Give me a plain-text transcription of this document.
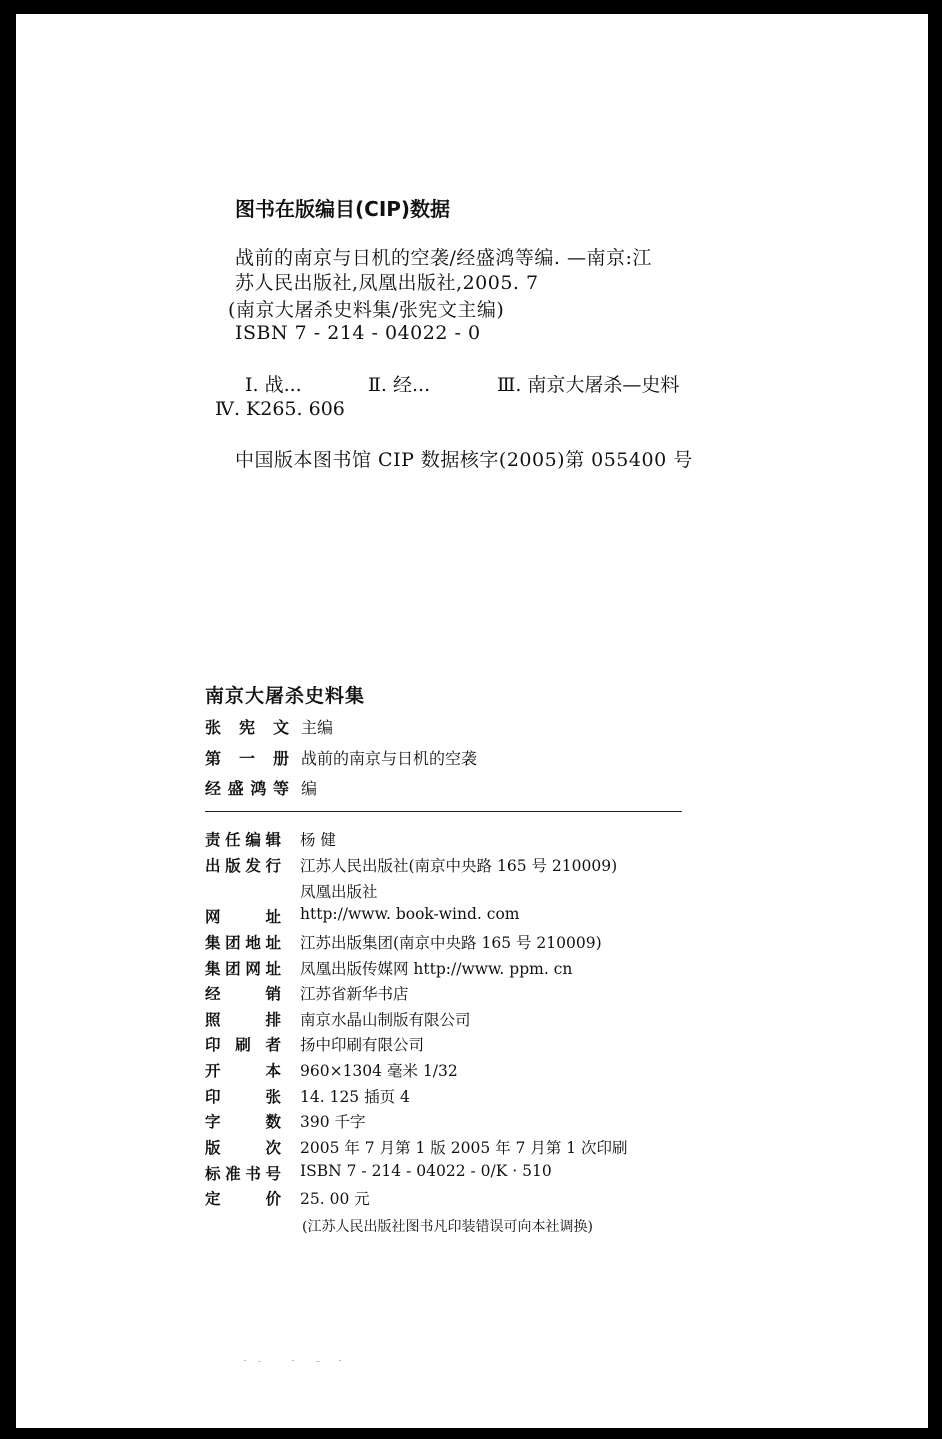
图书在版编目(CIP)数据
战前的南京与日机的空袭/经盛鸿等编. —南京:江
苏人民出版社,凤凰出版社,2005. 7
(南京大屠杀史料集/张宪文主编)
ISBN 7 - 214 - 04022 - 0
Ⅰ. 战...	Ⅱ. 经...	Ⅲ. 南京大屠杀—史料
Ⅳ. K265. 606
中国版本图书馆 CIP 数据核字(2005)第 055400 号
南京大屠杀史料集
张 宪 文 主编
第 一 册 战前的南京与日机的空袭
经盛鸿等 编
责任编辑 杨 健
出版发行 江苏人民出版社(南京中央路 165 号 210009)
凤凰出版社
网址 http://www. book-wind. com
集团地址 江苏出版集团(南京中央路 165 号 210009)
集团网址 凤凰出版传媒网 http://www. ppm. cn
经销 江苏省新华书店
照排 南京水晶山制版有限公司
印刷者 扬中印刷有限公司
开本 960×1304 毫米 1/32
印张 14. 125 插页 4
字数 390 千字
版次 2005 年 7 月第 1 版 2005 年 7 月第 1 次印刷
标准书号 ISBN 7 - 214 - 04022 - 0/K · 510
定价 25. 00 元
(江苏人民出版社图书凡印装错误可向本社调换)
